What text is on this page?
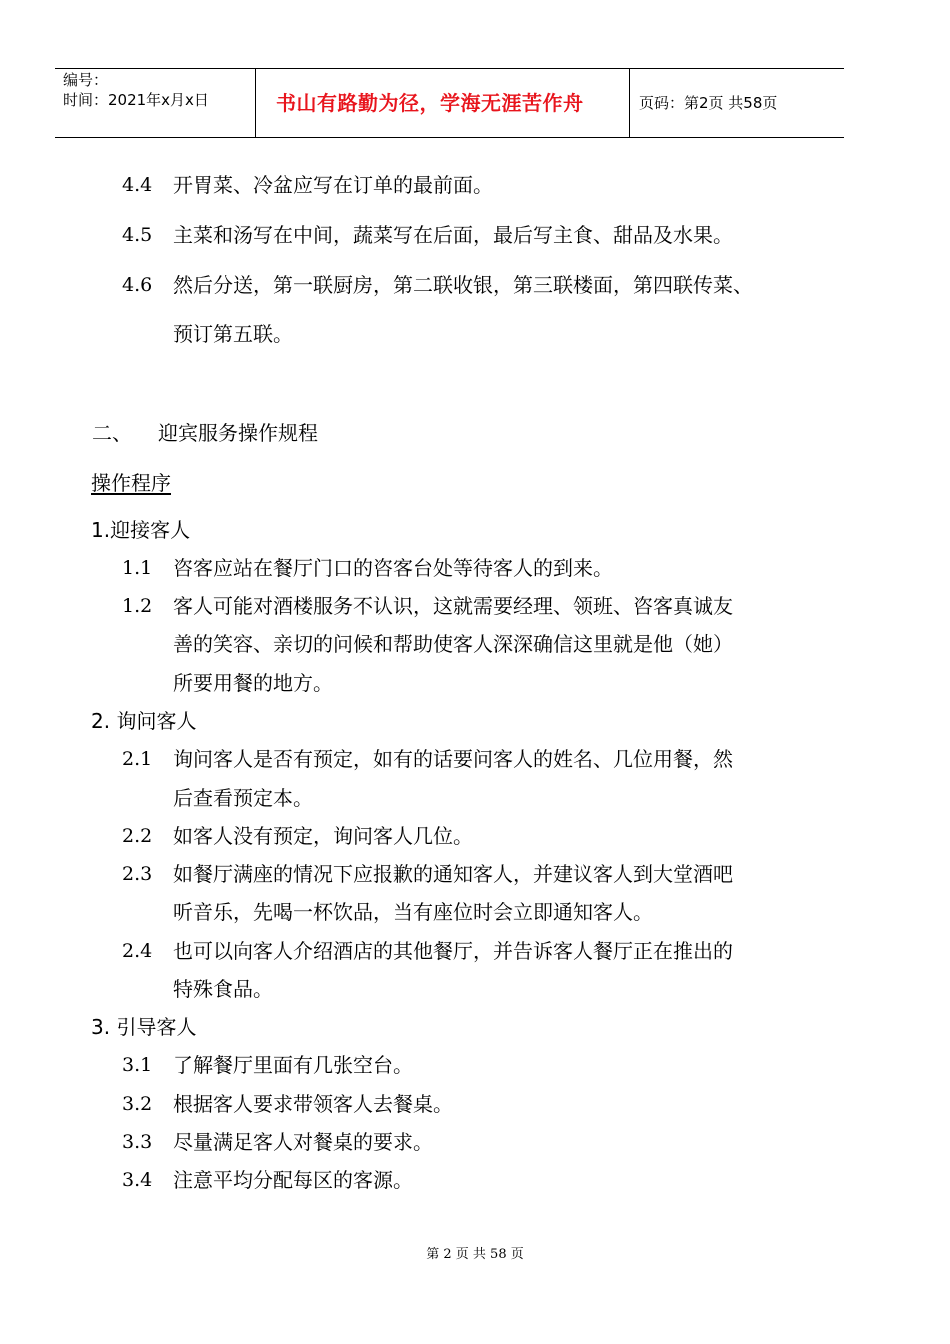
编号：
时间：2021年x月x日	书山有路勤为径，学海无涯苦作舟	页码：第2页 共58页
4.4 开胃菜、冷盆应写在订单的最前面。
4.5 主菜和汤写在中间，蔬菜写在后面，最后写主食、甜品及水果。
4.6 然后分送，第一联厨房，第二联收银，第三联楼面，第四联传菜、
预订第五联。
二、 迎宾服务操作规程
操作程序
1.迎接客人
1.1 咨客应站在餐厅门口的咨客台处等待客人的到来。
1.2 客人可能对酒楼服务不认识，这就需要经理、领班、咨客真诚友
善的笑容、亲切的问候和帮助使客人深深确信这里就是他（她）
所要用餐的地方。
2. 询问客人
2.1 询问客人是否有预定，如有的话要问客人的姓名、几位用餐，然
后查看预定本。
2.2 如客人没有预定，询问客人几位。
2.3 如餐厅满座的情况下应报歉的通知客人，并建议客人到大堂酒吧
听音乐，先喝一杯饮品，当有座位时会立即通知客人。
2.4 也可以向客人介绍酒店的其他餐厅，并告诉客人餐厅正在推出的
特殊食品。
3. 引导客人
3.1 了解餐厅里面有几张空台。
3.2 根据客人要求带领客人去餐桌。
3.3 尽量满足客人对餐桌的要求。
3.4 注意平均分配每区的客源。
第 2 页 共 58 页
